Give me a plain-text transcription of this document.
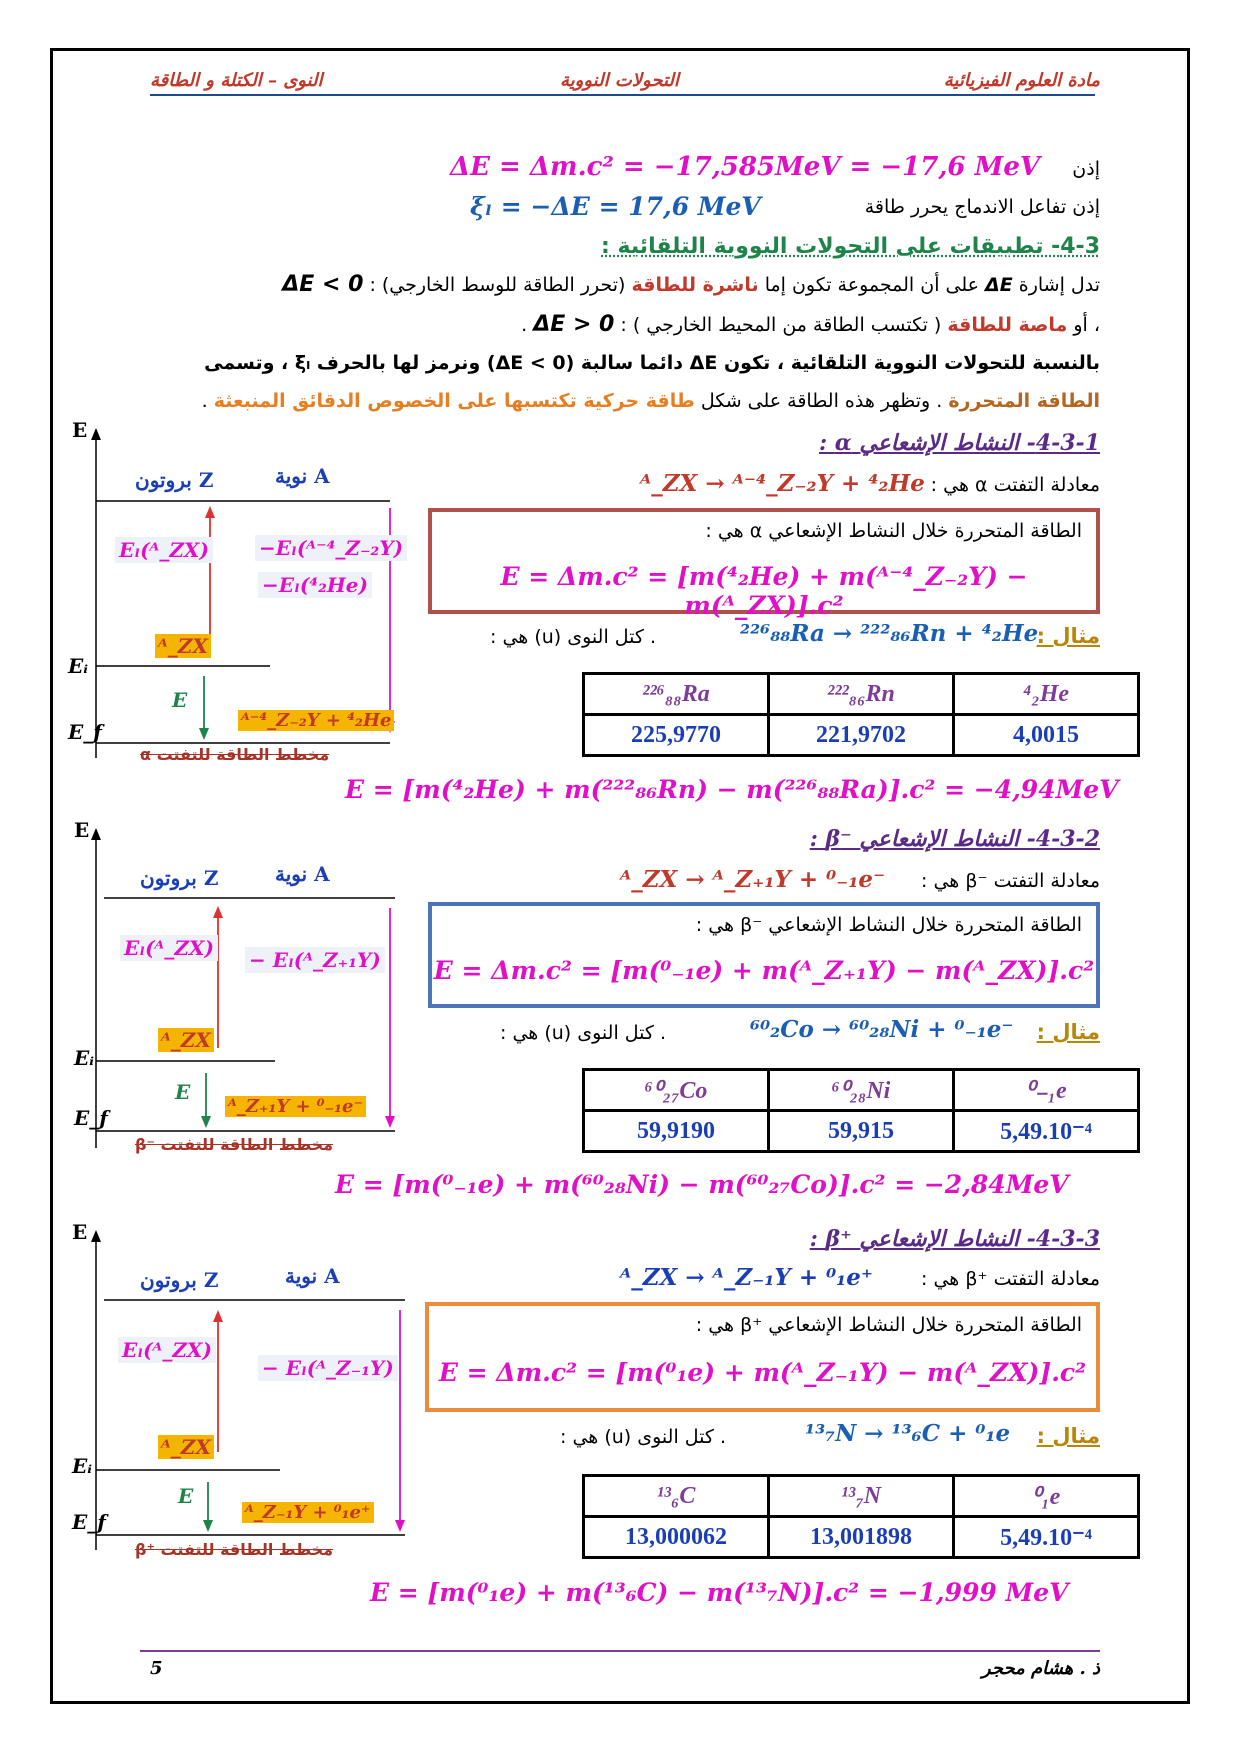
مادة العلوم الفيزيائية
التحولات النووية
النوى – الكتلة و الطاقة
إذن
ΔE = Δm.c² = −17,585MeV = −17,6 MeV
إذن تفاعل الاندماج يحرر طاقة
ξₗ = −ΔE = 17,6 MeV
4-3- تطبيقات على التحولات النووية التلقائية :
تدل إشارة ΔE على أن المجموعة تكون إما ناشرة للطاقة (تحرر الطاقة للوسط الخارجي) : ΔE < 0
، أو ماصة للطاقة ( تكتسب الطاقة من المحيط الخارجي ) : ΔE > 0 .
بالنسبة للتحولات النووية التلقائية ، تكون ΔE دائما سالبة (ΔE < 0) ونرمز لها بالحرف ξₗ ، وتسمى
الطاقة المتحررة . وتظهر هذه الطاقة على شكل طاقة حركية تكتسبها على الخصوص الدقائق المنبعثة .
4-3-1- النشاط الإشعاعي α :
معادلة التفتت α هي :
ᴬ_ZX → ᴬ⁻⁴_Z₋₂Y + ⁴₂He
الطاقة المتحررة خلال النشاط الإشعاعي α هي :
E = Δm.c² = [m(⁴₂He) + m(ᴬ⁻⁴_Z₋₂Y) − m(ᴬ_ZX)].c²
مثال :
²²⁶₈₈Ra → ²²²₈₆Rn + ⁴₂He
. كتل النوى (u) هي :
²²⁶₈₈Ra	²²²₈₆Rn	⁴₂He
225,9770	221,9702	4,0015
E = [m(⁴₂He) + m(²²²₈₆Rn) − m(²²⁶₈₈Ra)].c² = −4,94MeV
E
A نوية
Z بروتون
Eₗ(ᴬ_ZX)	−Eₗ(ᴬ⁻⁴_Z₋₂Y)
−Eₗ(⁴₂He)
ᴬ_ZX
Eᵢ
E_f
E
ᴬ⁻⁴_Z₋₂Y + ⁴₂He
مخطط الطاقة للتفتت α
4-3-2- النشاط الإشعاعي ⁻β :
معادلة التفتت ⁻β هي :
ᴬ_ZX → ᴬ_Z₊₁Y + ⁰₋₁e⁻
الطاقة المتحررة خلال النشاط الإشعاعي ⁻β هي :
E = Δm.c² = [m(⁰₋₁e) + m(ᴬ_Z₊₁Y) − m(ᴬ_ZX)].c²
مثال :
⁶⁰₂Co → ⁶⁰₂₈Ni + ⁰₋₁e⁻
. كتل النوى (u) هي :
⁶⁰₂₇Co	⁶⁰₂₈Ni	⁰₋₁e
59,9190	59,915	5,49.10⁻⁴
E = [m(⁰₋₁e) + m(⁶⁰₂₈Ni) − m(⁶⁰₂₇Co)].c² = −2,84MeV
E
A نوية
Z بروتون
Eₗ(ᴬ_ZX) − Eₗ(ᴬ_Z₊₁Y)
ᴬ_ZX
Eᵢ
E_f
E
ᴬ_Z₊₁Y + ⁰₋₁e⁻
مخطط الطاقة للتفتت ⁻β
4-3-3- النشاط الإشعاعي ⁺β :
معادلة التفتت ⁺β هي :
ᴬ_ZX → ᴬ_Z₋₁Y + ⁰₁e⁺
الطاقة المتحررة خلال النشاط الإشعاعي ⁺β هي :
E = Δm.c² = [m(⁰₁e) + m(ᴬ_Z₋₁Y) − m(ᴬ_ZX)].c²
مثال :
¹³₇N → ¹³₆C + ⁰₁e
. كتل النوى (u) هي :
¹³₆C	¹³₇N	⁰₁e
13,000062	13,001898	5,49.10⁻⁴
E = [m(⁰₁e) + m(¹³₆C) − m(¹³₇N)].c² = −1,999 MeV
E
A نوية
Z بروتون
Eₗ(ᴬ_ZX)
− Eₗ(ᴬ_Z₋₁Y)
ᴬ_ZX
Eᵢ
E_f
E
ᴬ_Z₋₁Y + ⁰₁e⁺
مخطط الطاقة للتفتت ⁺β
ذ . هشام محجر
5
